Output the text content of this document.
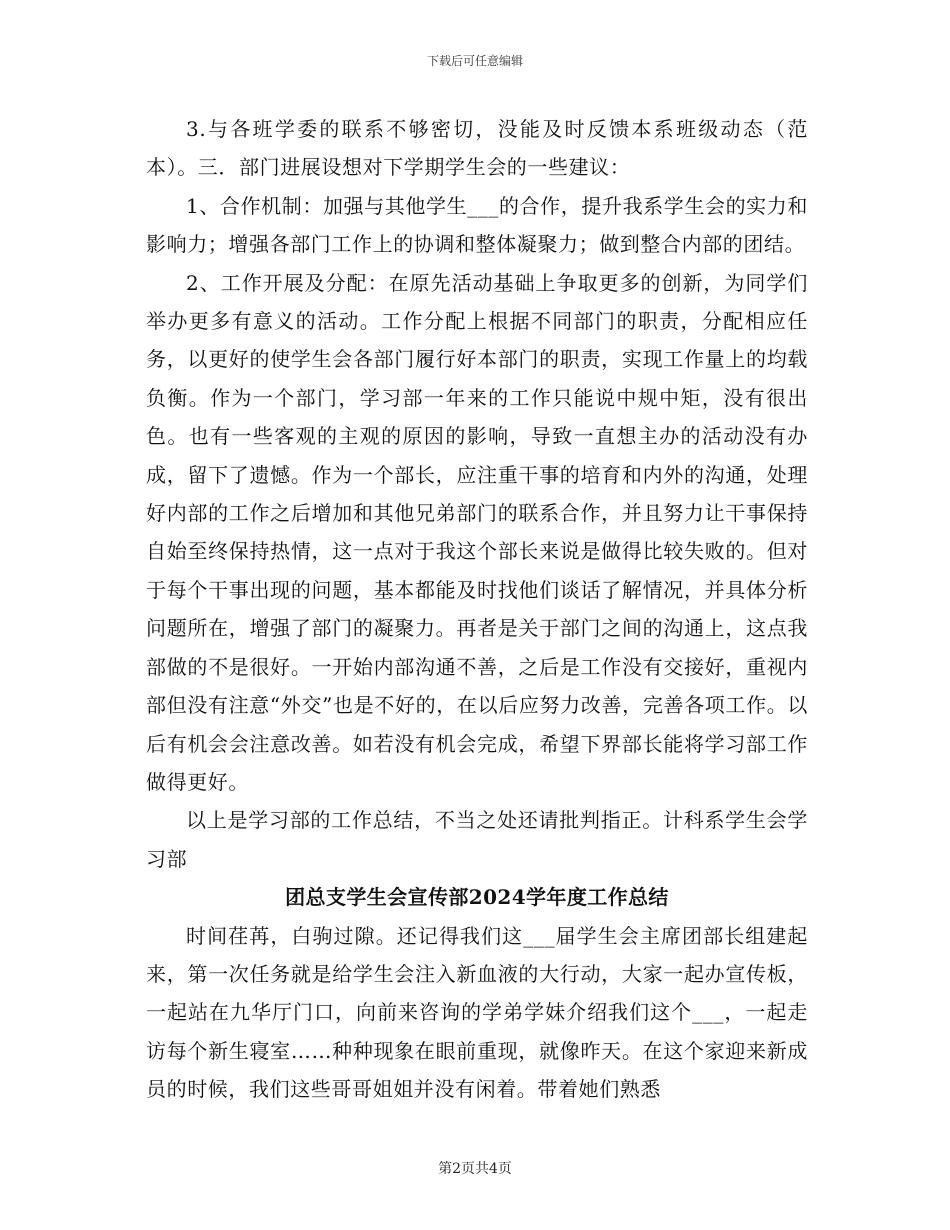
下载后可任意编辑

3.与各班学委的联系不够密切，没能及时反馈本系班级动态（范本）。三．部门进展设想对下学期学生会的一些建议：

1、合作机制：加强与其他学生___的合作，提升我系学生会的实力和影响力；增强各部门工作上的协调和整体凝聚力；做到整合内部的团结。

2、工作开展及分配：在原先活动基础上争取更多的创新，为同学们举办更多有意义的活动。工作分配上根据不同部门的职责，分配相应任务，以更好的使学生会各部门履行好本部门的职责，实现工作量上的均载负衡。作为一个部门，学习部一年来的工作只能说中规中矩，没有很出色。也有一些客观的主观的原因的影响，导致一直想主办的活动没有办成，留下了遗憾。作为一个部长，应注重干事的培育和内外的沟通，处理好内部的工作之后增加和其他兄弟部门的联系合作，并且努力让干事保持自始至终保持热情，这一点对于我这个部长来说是做得比较失败的。但对于每个干事出现的问题，基本都能及时找他们谈话了解情况，并具体分析问题所在，增强了部门的凝聚力。再者是关于部门之间的沟通上，这点我部做的不是很好。一开始内部沟通不善，之后是工作没有交接好，重视内部但没有注意“外交”也是不好的，在以后应努力改善，完善各项工作。以后有机会会注意改善。如若没有机会完成，希望下界部长能将学习部工作做得更好。

以上是学习部的工作总结，不当之处还请批判指正。计科系学生会学习部

团总支学生会宣传部2024学年度工作总结

时间荏苒，白驹过隙。还记得我们这___届学生会主席团部长组建起来，第一次任务就是给学生会注入新血液的大行动，大家一起办宣传板，一起站在九华厅门口，向前来咨询的学弟学妹介绍我们这个___，一起走访每个新生寝室……种种现象在眼前重现，就像昨天。在这个家迎来新成员的时候，我们这些哥哥姐姐并没有闲着。带着她们熟悉

第2页共4页
